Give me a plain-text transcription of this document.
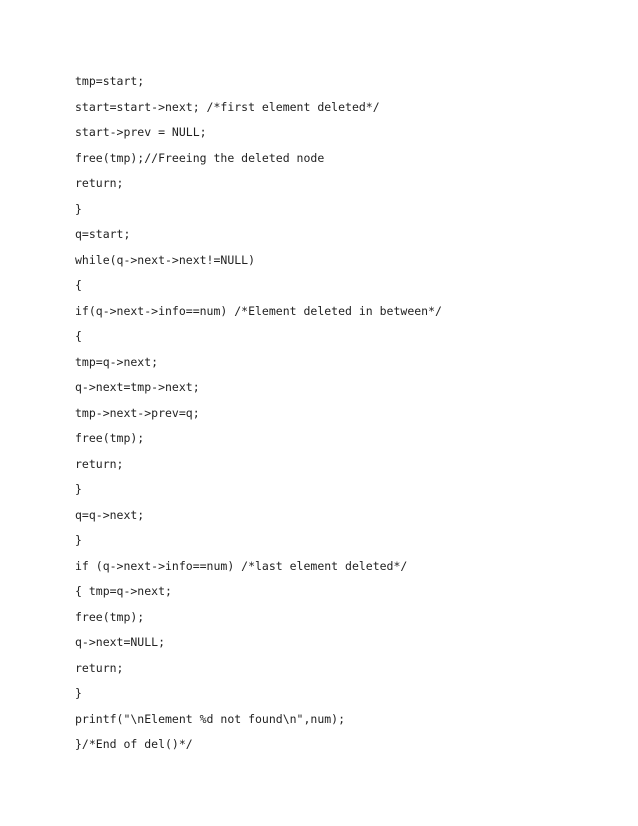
tmp=start;
start=start->next; /*first element deleted*/
start->prev = NULL;
free(tmp);//Freeing the deleted node
return;
}
q=start;
while(q->next->next!=NULL)
{
if(q->next->info==num) /*Element deleted in between*/
{
tmp=q->next;
q->next=tmp->next;
tmp->next->prev=q;
free(tmp);
return;
}
q=q->next;
}
if (q->next->info==num) /*last element deleted*/
{ tmp=q->next;
free(tmp);
q->next=NULL;
return;
}
printf("\nElement %d not found\n",num);
}/*End of del()*/
